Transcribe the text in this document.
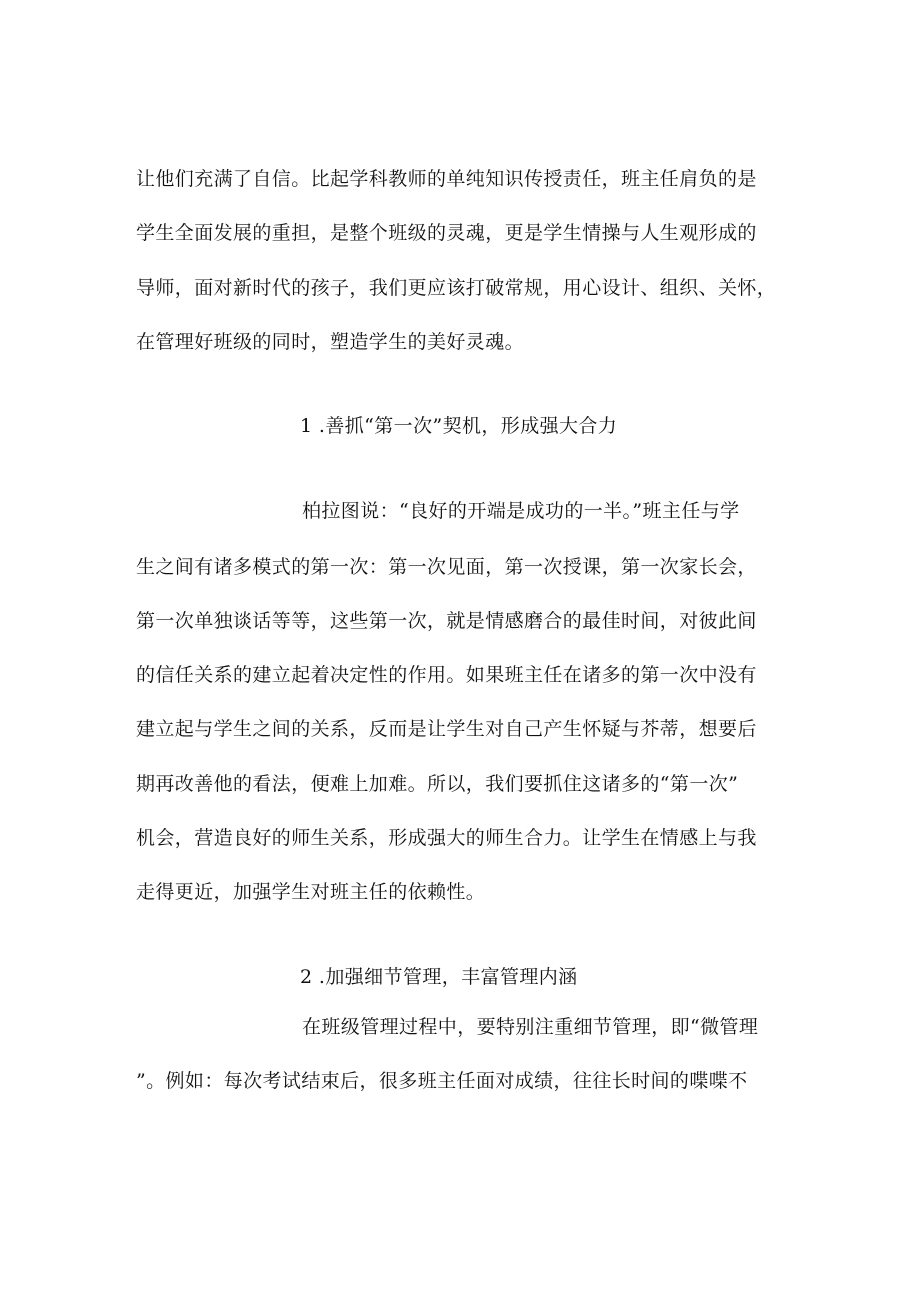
让他们充满了自信。比起学科教师的单纯知识传授责任，班主任肩负的是
学生全面发展的重担，是整个班级的灵魂，更是学生情操与人生观形成的
导师，面对新时代的孩子，我们更应该打破常规，用心设计、组织、关怀，
在管理好班级的同时，塑造学生的美好灵魂。
1 .善抓“第一次”契机，形成强大合力
柏拉图说：“良好的开端是成功的一半。”班主任与学
生之间有诸多模式的第一次：第一次见面，第一次授课，第一次家长会，
第一次单独谈话等等，这些第一次，就是情感磨合的最佳时间，对彼此间
的信任关系的建立起着决定性的作用。如果班主任在诸多的第一次中没有
建立起与学生之间的关系，反而是让学生对自己产生怀疑与芥蒂，想要后
期再改善他的看法，便难上加难。所以，我们要抓住这诸多的“第一次”
机会，营造良好的师生关系，形成强大的师生合力。让学生在情感上与我
走得更近，加强学生对班主任的依赖性。
2 .加强细节管理，丰富管理内涵
在班级管理过程中，要特别注重细节管理，即“微管理
”。例如：每次考试结束后，很多班主任面对成绩，往往长时间的喋喋不
